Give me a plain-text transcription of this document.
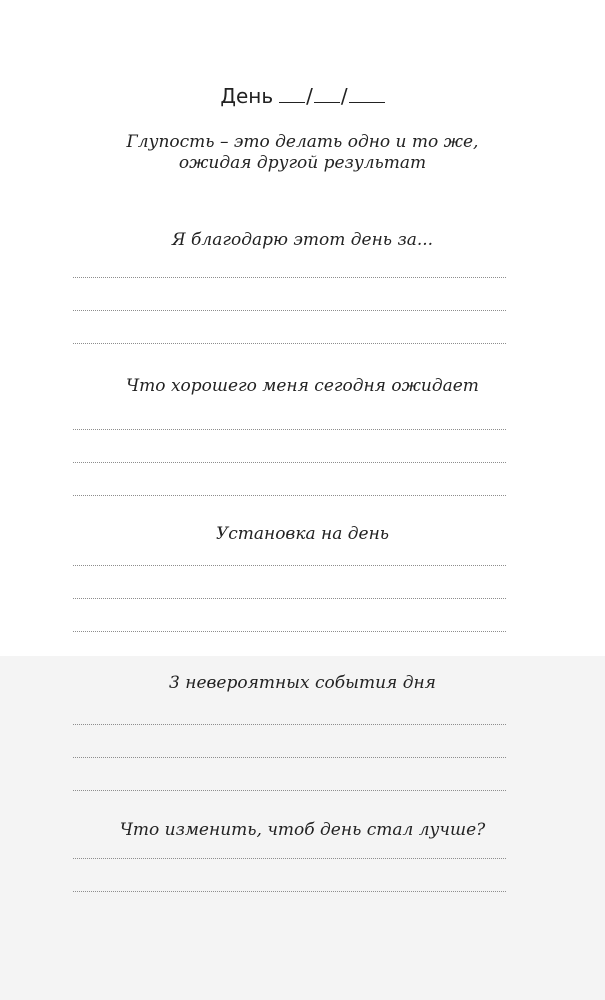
День / /
Глупость – это делать одно и то же,
ожидая другой результат
Я благодарю этот день за...
Что хорошего меня сегодня ожидает
Установка на день
3 невероятных события дня
Что изменить, чтоб день стал лучше?
